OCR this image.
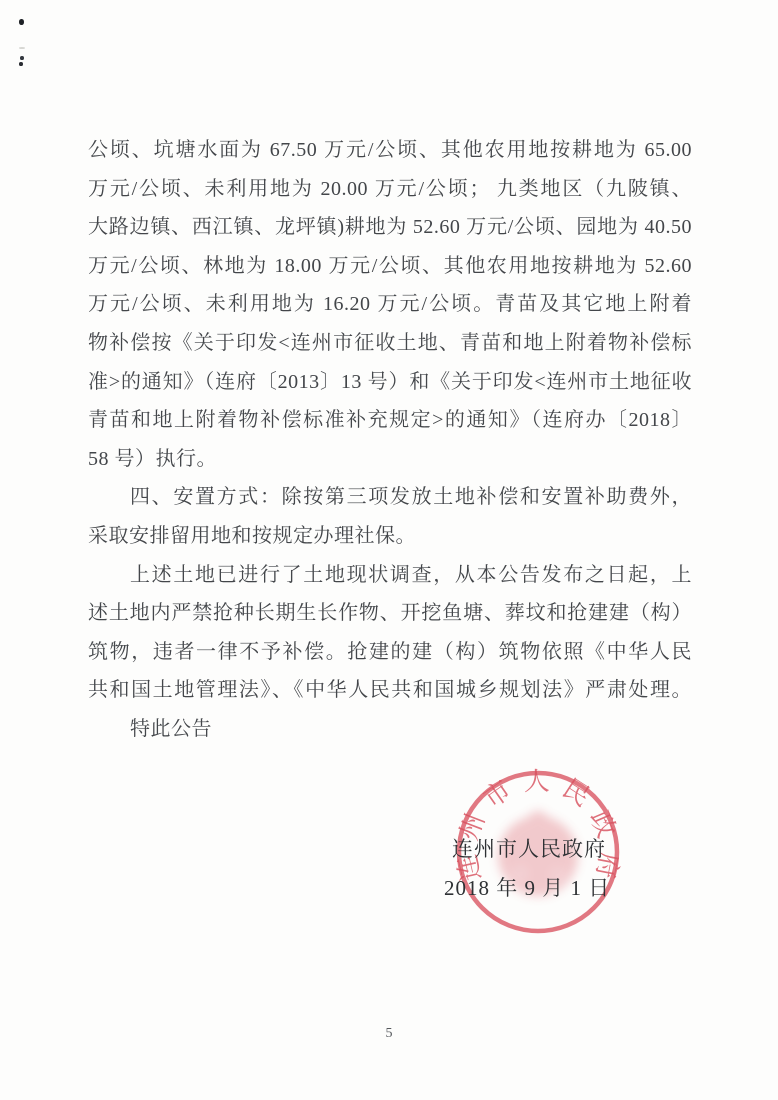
公顷、坑塘水面为 67.50 万元/公顷、其他农用地按耕地为 65.00
万元/公顷、未利用地为 20.00 万元/公顷； 九类地区（九陂镇、
大路边镇、西江镇、龙坪镇)耕地为 52.60 万元/公顷、园地为 40.50
万元/公顷、林地为 18.00 万元/公顷、其他农用地按耕地为 52.60
万元/公顷、未利用地为 16.20 万元/公顷。青苗及其它地上附着
物补偿按《关于印发<连州市征收土地、青苗和地上附着物补偿标
准>的通知》（连府〔2013〕13 号）和《关于印发<连州市土地征收
青苗和地上附着物补偿标准补充规定>的通知》（连府办〔2018〕
58 号）执行。
四、安置方式：除按第三项发放土地补偿和安置补助费外，
采取安排留用地和按规定办理社保。
上述土地已进行了土地现状调查，从本公告发布之日起，上
述土地内严禁抢种长期生长作物、开挖鱼塘、葬坟和抢建建（构）
筑物，违者一律不予补偿。抢建的建（构）筑物依照《中华人民
共和国土地管理法》、《中华人民共和国城乡规划法》严肃处理。
特此公告
连州市人民政府
连州市人民政府
2018 年 9 月 1 日
5
